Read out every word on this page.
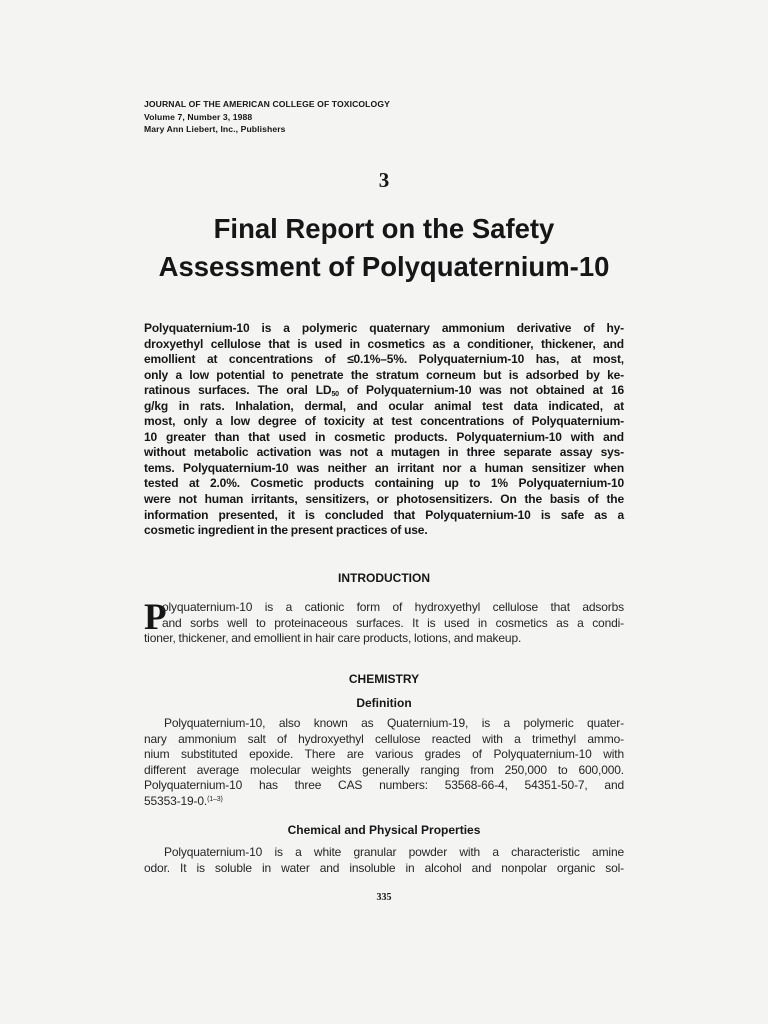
JOURNAL OF THE AMERICAN COLLEGE OF TOXICOLOGY
Volume 7, Number 3, 1988
Mary Ann Liebert, Inc., Publishers
3
Final Report on the Safety
Assessment of Polyquaternium-10
Polyquaternium-10 is a polymeric quaternary ammonium derivative of hy-
droxyethyl cellulose that is used in cosmetics as a conditioner, thickener, and
emollient at concentrations of ≤0.1%–5%. Polyquaternium-10 has, at most,
only a low potential to penetrate the stratum corneum but is adsorbed by ke-
ratinous surfaces. The oral $LD_{50}$ of Polyquaternium-10 was not obtained at 16
g/kg in rats. Inhalation, dermal, and ocular animal test data indicated, at
most, only a low degree of toxicity at test concentrations of Polyquaternium-
10 greater than that used in cosmetic products. Polyquaternium-10 with and
without metabolic activation was not a mutagen in three separate assay sys-
tems. Polyquaternium-10 was neither an irritant nor a human sensitizer when
tested at 2.0%. Cosmetic products containing up to 1% Polyquaternium-10
were not human irritants, sensitizers, or photosensitizers. On the basis of the
information presented, it is concluded that Polyquaternium-10 is safe as a
cosmetic ingredient in the present practices of use.
INTRODUCTION
P
olyquaternium-10 is a cationic form of hydroxyethyl cellulose that adsorbs
and sorbs well to proteinaceous surfaces. It is used in cosmetics as a condi-
tioner, thickener, and emollient in hair care products, lotions, and makeup.
CHEMISTRY
Definition
Polyquaternium-10, also known as Quaternium-19, is a polymeric quater-
nary ammonium salt of hydroxyethyl cellulose reacted with a trimethyl ammo-
nium substituted epoxide. There are various grades of Polyquaternium-10 with
different average molecular weights generally ranging from 250,000 to 600,000.
Polyquaternium-10 has three CAS numbers: 53568-66-4, 54351-50-7, and
55353-19-0.$^{(1-3)}$
Chemical and Physical Properties
Polyquaternium-10 is a white granular powder with a characteristic amine
odor. It is soluble in water and insoluble in alcohol and nonpolar organic sol-
335
